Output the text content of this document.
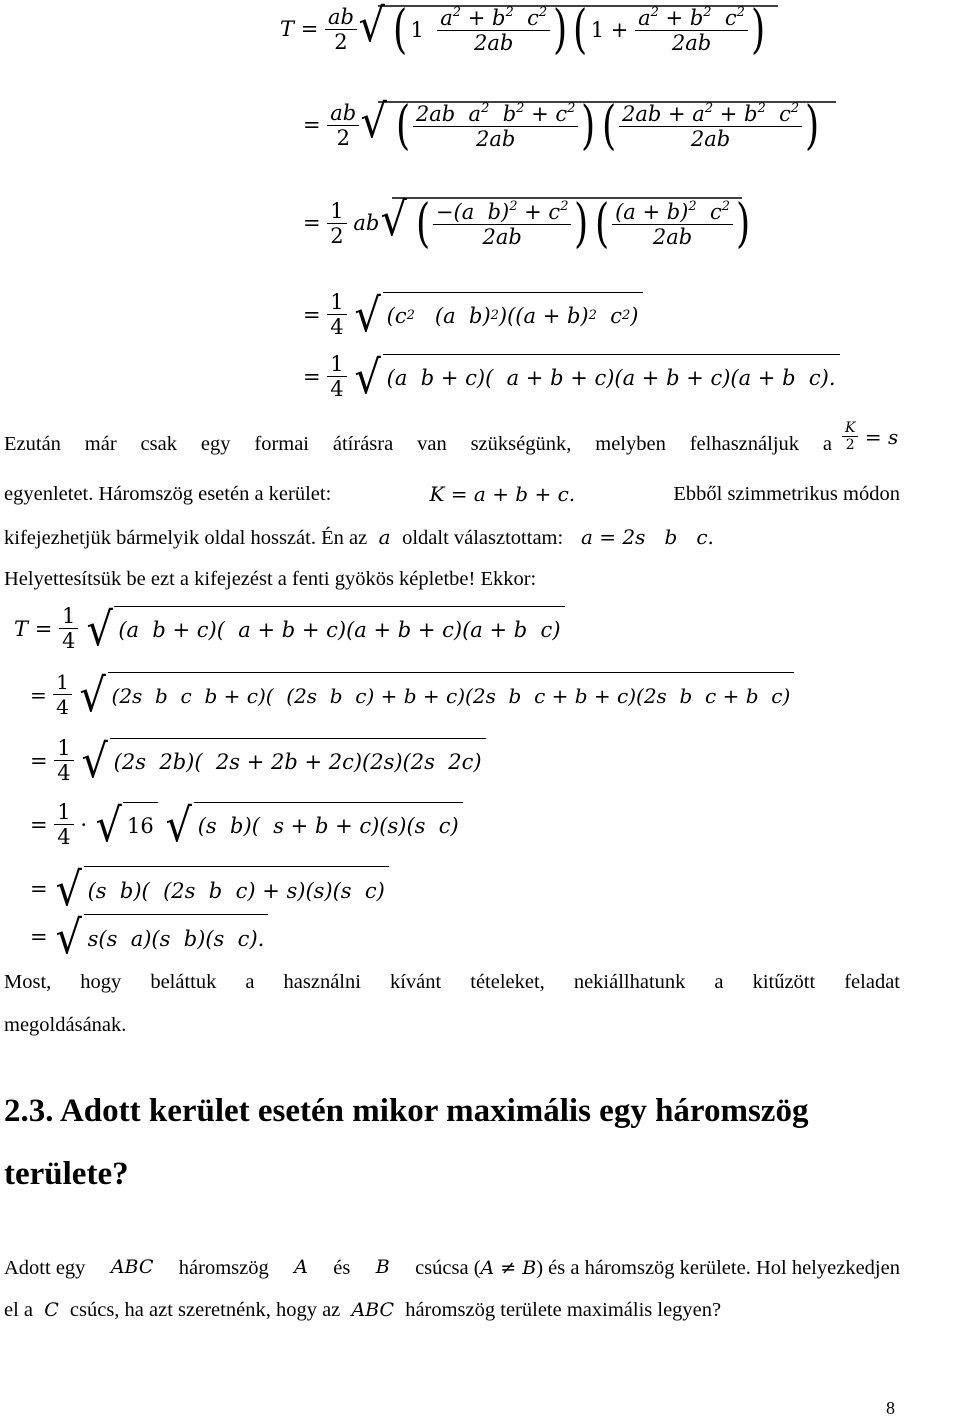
$T = \frac{ab}{2}$ √ ( $1 \frac{a^2 + b^2 c^2}{2ab}$ ) ( $1 + \frac{a^2 + b^2 c^2}{2ab}$ )
= $\frac{ab}{2}$ √ ( $\frac{2ab a^2 b^2 + c^2}{2ab}$ ) ( $\frac{2ab + a^2 + b^2 c^2}{2ab}$ )
= $\frac{1}{2}$ ab √ ( $\frac{-(a b)^2 + c^2}{2ab}$ ) ( $\frac{(a + b)^2 c^2}{2ab}$ )
= $\frac{1}{4}$
√ (c 2 (a  b) 2 )((a + b) 2 c 2 )
= $\frac{1}{4}$
√ (a  b + c)(  a + b + c)(a + b + c)(a + b  c).

Ezután már csak egy formai átírásra van szükségünk, melyben felhasználjuk a $\frac{K}{2} = s$

egyenletet. Háromszög esetén a kerület:	K = a + b + c.	Ebből szimmetrikus módon

kifejezhetjük bármelyik oldal hosszát. Én az  a  oldalt választottam:   a = 2s   b   c.

Helyettesítsük be ezt a kifejezést a fenti gyökös képletbe! Ekkor:

$T = \frac{1}{4}$
√ (a  b + c)(  a + b + c)(a + b + c)(a + b  c)
= $\frac{1}{4}$
√ (2s  b  c  b + c)(  (2s  b  c) + b + c)(2s  b  c + b + c)(2s  b  c + b  c)
= $\frac{1}{4}$
√ (2s  2b)(  2s + 2b + 2c)(2s)(2s  2c)
= $\frac{1}{4}$ · √ 16
√ (s  b)(  s + b + c)(s)(s  c)
= √ (s  b)(  (2s  b  c) + s)(s)(s  c)
= √ s(s  a)(s  b)(s  c).

Most, hogy beláttuk a használni kívánt tételeket, nekiállhatunk a kitűzött feladat

megoldásának.

2.3. Adott kerület esetén mikor maximális egy háromszög
területe?

Adott egy ABC háromszög A és B csúcsa (A ≠ B) és a háromszög kerülete. Hol helyezkedjen

el a  C  csúcs, ha azt szeretnénk, hogy az  ABC  háromszög területe maximális legyen?

8
